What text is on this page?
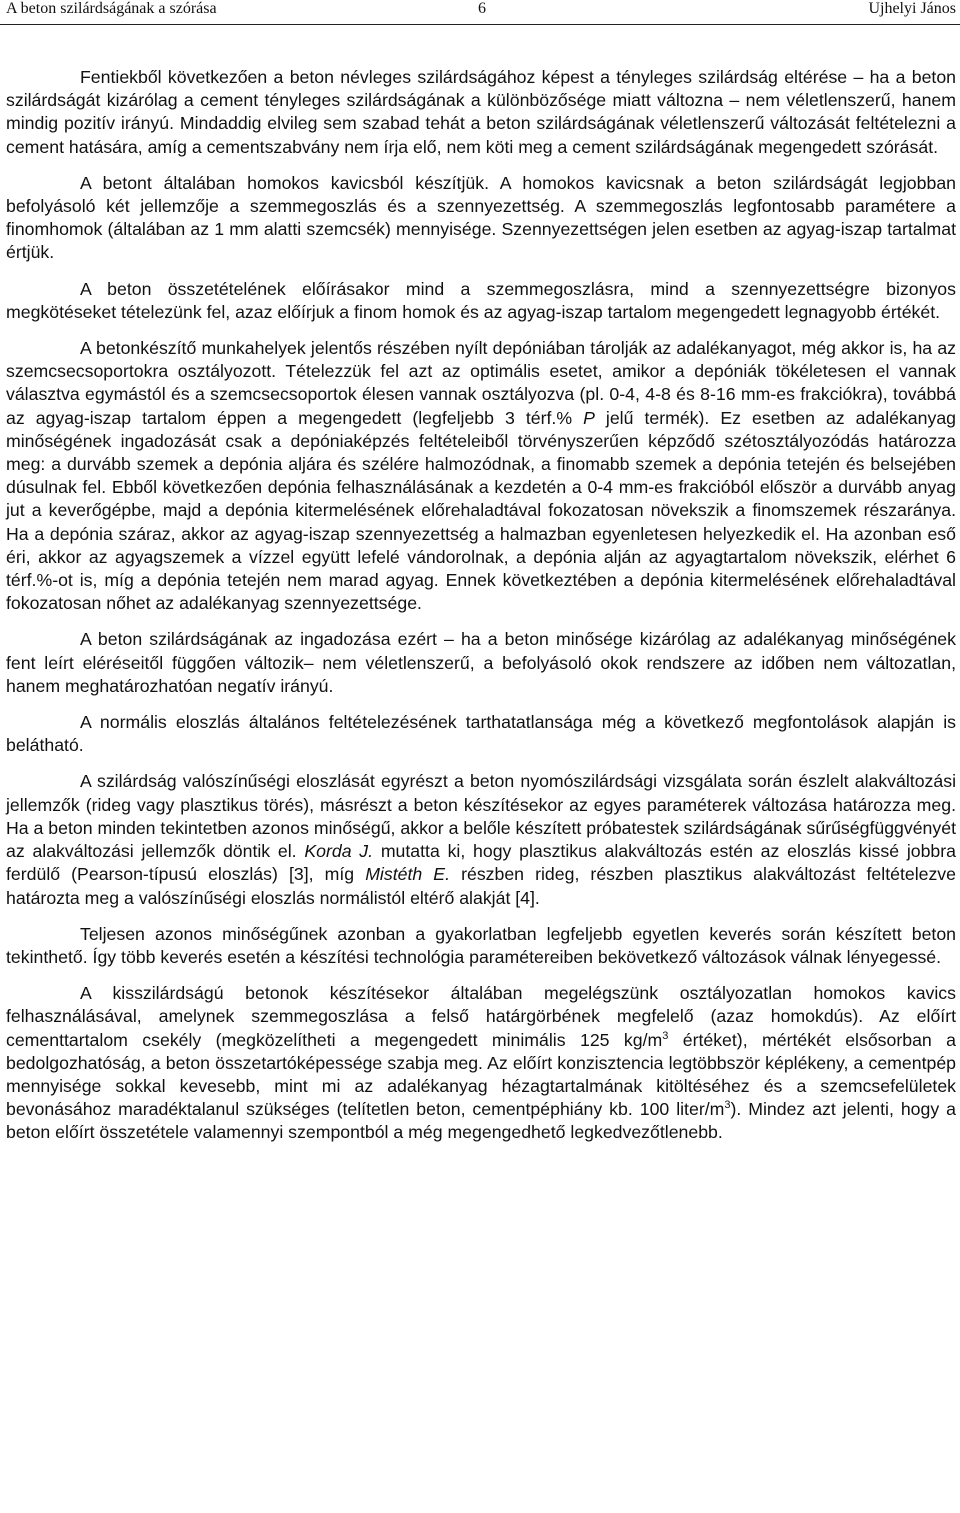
A beton szilárdságának a szórása	6	Ujhelyi János

Fentiekből következően a beton névleges szilárdságához képest a tényleges szilárdság eltérése – ha a beton szilárdságát kizárólag a cement tényleges szilárdságának a különbözősége miatt változna – nem véletlenszerű, hanem mindig pozitív irányú. Mindaddig elvileg sem szabad tehát a beton szilárdságának véletlenszerű változását feltételezni a cement hatására, amíg a cementszabvány nem írja elő, nem köti meg a cement szilárdságának megengedett szórását.

A betont általában homokos kavicsból készítjük. A homokos kavicsnak a beton szilárdságát legjobban befolyásoló két jellemzője a szemmegoszlás és a szennyezettség. A szemmegoszlás legfontosabb paramétere a finomhomok (általában az 1 mm alatti szemcsék) mennyisége. Szennyezettségen jelen esetben az agyag-iszap tartalmat értjük.

A beton összetételének előírásakor mind a szemmegoszlásra, mind a szennyezettségre bizonyos megkötéseket tételezünk fel, azaz előírjuk a finom homok és az agyag-iszap tartalom megengedett legnagyobb értékét.

A betonkészítő munkahelyek jelentős részében nyílt depóniában tárolják az adalékanyagot, még akkor is, ha az szemcsecsoportokra osztályozott. Tételezzük fel azt az optimális esetet, amikor a depóniák tökéletesen el vannak választva egymástól és a szemcsecsoportok élesen vannak osztályozva (pl. 0-4, 4-8 és 8-16 mm-es frakciókra), továbbá az agyag-iszap tartalom éppen a megengedett (legfeljebb 3 térf.% P jelű termék). Ez esetben az adalékanyag minőségének ingadozását csak a depóniaképzés feltételeiből törvényszerűen képződő szétosztályozódás határozza meg: a durvább szemek a depónia aljára és szélére halmozódnak, a finomabb szemek a depónia tetején és belsejében dúsulnak fel. Ebből következően depónia felhasználásának a kezdetén a 0-4 mm-es frakcióból először a durvább anyag jut a keverőgépbe, majd a depónia kitermelésének előrehaladtával fokozatosan növekszik a finomszemek részaránya. Ha a depónia száraz, akkor az agyag-iszap szennyezettség a halmazban egyenletesen helyezkedik el. Ha azonban eső éri, akkor az agyagszemek a vízzel együtt lefelé vándorolnak, a depónia alján az agyagtartalom növekszik, elérhet 6 térf.%-ot is, míg a depónia tetején nem marad agyag. Ennek következtében a depónia kitermelésének előrehaladtával fokozatosan nőhet az adalékanyag szennyezettsége.

A beton szilárdságának az ingadozása ezért – ha a beton minősége kizárólag az adalékanyag minőségének fent leírt eléréseitől függően változik– nem véletlenszerű, a befolyásoló okok rendszere az időben nem változatlan, hanem meghatározhatóan negatív irányú.

A normális eloszlás általános feltételezésének tarthatatlansága még a következő megfontolások alapján is belátható.

A szilárdság valószínűségi eloszlását egyrészt a beton nyomószilárdsági vizsgálata során észlelt alakváltozási jellemzők (rideg vagy plasztikus törés), másrészt a beton készítésekor az egyes paraméterek változása határozza meg. Ha a beton minden tekintetben azonos minőségű, akkor a belőle készített próbatestek szilárdságának sűrűségfüggvényét az alakváltozási jellemzők döntik el. Korda J. mutatta ki, hogy plasztikus alakváltozás estén az eloszlás kissé jobbra ferdülő (Pearson-típusú eloszlás) [3], míg Mistéth E. részben rideg, részben plasztikus alakváltozást feltételezve határozta meg a valószínűségi eloszlás normálistól eltérő alakját [4].

Teljesen azonos minőségűnek azonban a gyakorlatban legfeljebb egyetlen keverés során készített beton tekinthető. Így több keverés esetén a készítési technológia paramétereiben bekövetkező változások válnak lényegessé.

A kisszilárdságú betonok készítésekor általában megelégszünk osztályozatlan homokos kavics felhasználásával, amelynek szemmegoszlása a felső határgörbének megfelelő (azaz homokdús). Az előírt cementtartalom csekély (megközelítheti a megengedett minimális 125 $kg/m^3$ értéket), mértékét elsősorban a bedolgozhatóság, a beton összetartóképessége szabja meg. Az előírt konzisztencia legtöbbször képlékeny, a cementpép mennyisége sokkal kevesebb, mint mi az adalékanyag hézagtartalmának kitöltéséhez és a szemcsefelületek bevonásához maradéktalanul szükséges (telítetlen beton, cementpéphiány kb. 100 liter/$m^3$). Mindez azt jelenti, hogy a beton előírt összetétele valamennyi szempontból a még megengedhető legkedvezőtlenebb.
